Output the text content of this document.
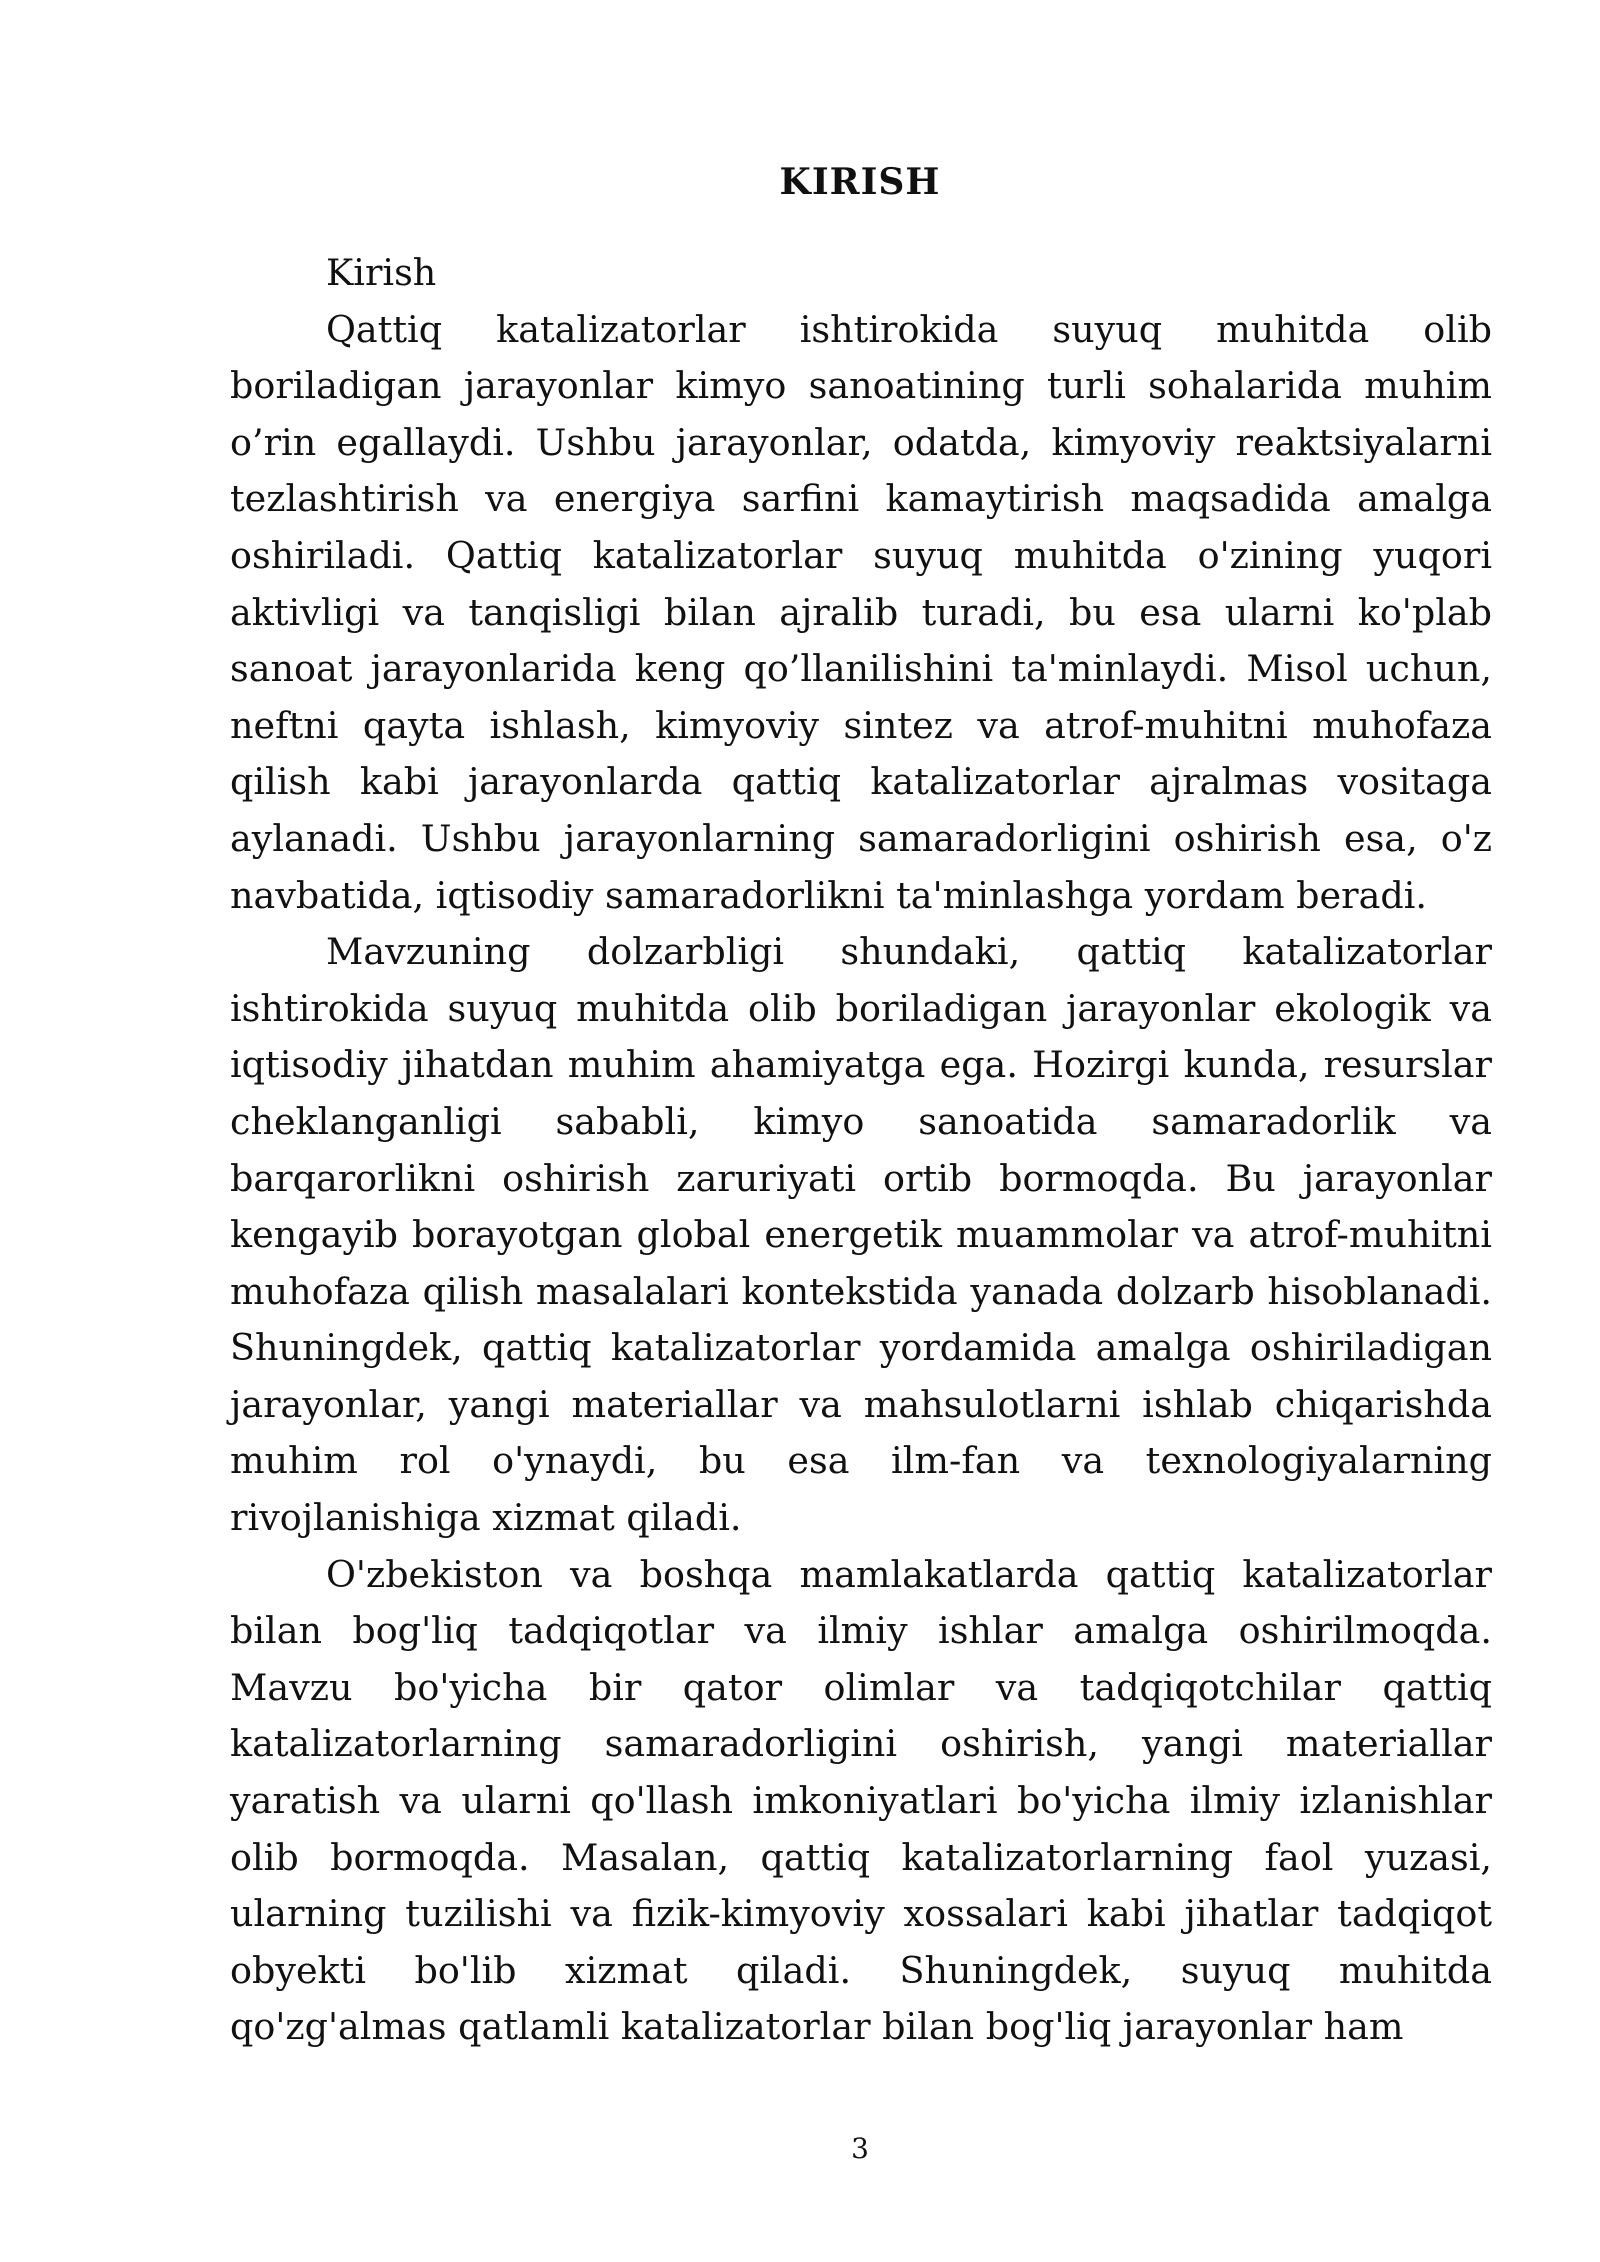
KIRISH

Kirish

Qattiq katalizatorlar ishtirokida suyuq muhitda olib boriladigan jarayonlar kimyo sanoatining turli sohalarida muhim o’rin egallaydi. Ushbu jarayonlar, odatda, kimyoviy reaktsiyalarni tezlashtirish va energiya sarfini kamaytirish maqsadida amalga oshiriladi. Qattiq katalizatorlar suyuq muhitda o'zining yuqori aktivligi va tanqisligi bilan ajralib turadi, bu esa ularni ko'plab sanoat jarayonlarida keng qo’llanilishini ta'minlaydi. Misol uchun, neftni qayta ishlash, kimyoviy sintez va atrof-muhitni muhofaza qilish kabi jarayonlarda qattiq katalizatorlar ajralmas vositaga aylanadi. Ushbu jarayonlarning samaradorligini oshirish esa, o'z navbatida, iqtisodiy samaradorlikni ta'minlashga yordam beradi.

Mavzuning dolzarbligi shundaki, qattiq katalizatorlar ishtirokida suyuq muhitda olib boriladigan jarayonlar ekologik va iqtisodiy jihatdan muhim ahamiyatga ega. Hozirgi kunda, resurslar cheklanganligi sababli, kimyo sanoatida samaradorlik va barqarorlikni oshirish zaruriyati ortib bormoqda. Bu jarayonlar kengayib borayotgan global energetik muammolar va atrof-muhitni muhofaza qilish masalalari kontekstida yanada dolzarb hisoblanadi. Shuningdek, qattiq katalizatorlar yordamida amalga oshiriladigan jarayonlar, yangi materiallar va mahsulotlarni ishlab chiqarishda muhim rol o'ynaydi, bu esa ilm-fan va texnologiyalarning rivojlanishiga xizmat qiladi.

O'zbekiston va boshqa mamlakatlarda qattiq katalizatorlar bilan bog'liq tadqiqotlar va ilmiy ishlar amalga oshirilmoqda. Mavzu bo'yicha bir qator olimlar va tadqiqotchilar qattiq katalizatorlarning samaradorligini oshirish, yangi materiallar yaratish va ularni qo'llash imkoniyatlari bo'yicha ilmiy izlanishlar olib bormoqda. Masalan, qattiq katalizatorlarning faol yuzasi, ularning tuzilishi va fizik-kimyoviy xossalari kabi jihatlar tadqiqot obyekti bo'lib xizmat qiladi. Shuningdek, suyuq muhitda qo'zg'almas qatlamli katalizatorlar bilan bog'liq jarayonlar ham

3
